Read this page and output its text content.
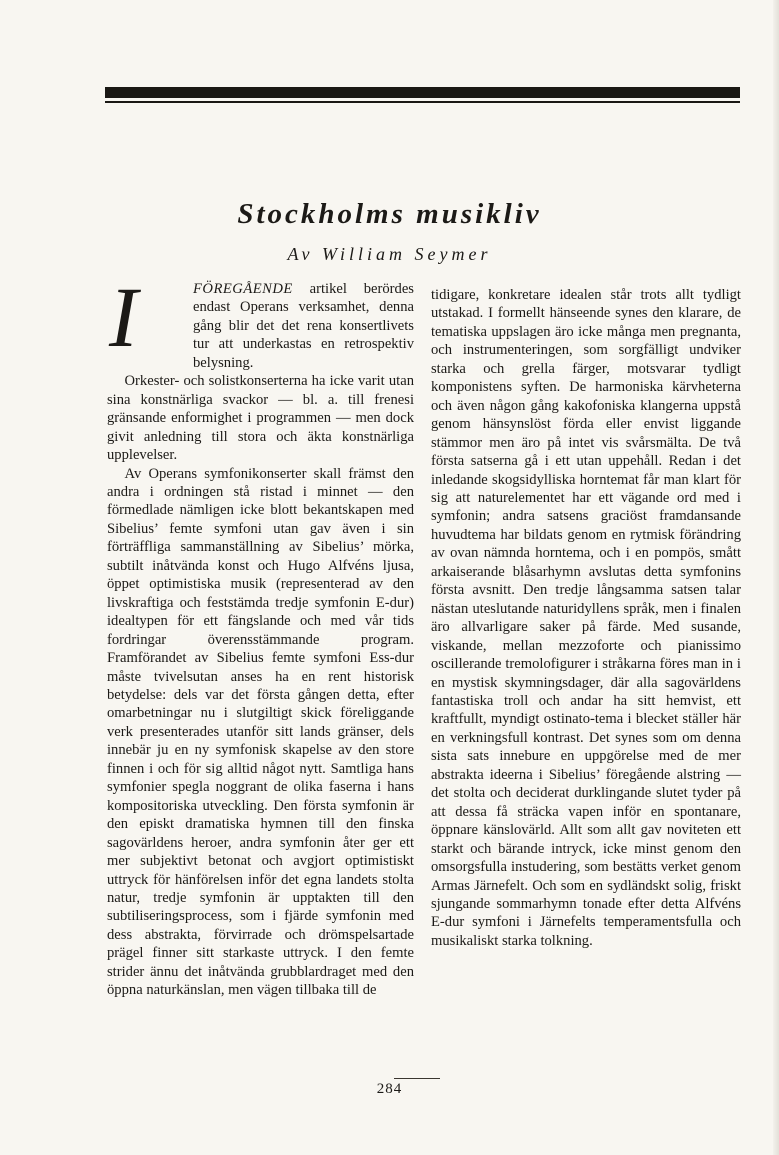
Stockholms musikliv
Av William Seymer

I	FÖREGÅENDE artikel berördes endast Operans verksamhet, denna gång blir det det rena konsertlivets tur att underkastas en retrospektiv belysning.

Orkester- och solistkonserterna ha icke varit utan sina konstnärliga svackor — bl. a. till frenesi gränsande enformighet i programmen — men dock givit anledning till stora och äkta konstnärliga upplevelser.

Av Operans symfonikonserter skall främst den andra i ordningen stå ristad i minnet — den förmedlade nämligen icke blott bekantskapen med Sibelius’ femte symfoni utan gav även i sin förträffliga sammanställning av Sibelius’ mörka, subtilt inåtvända konst och Hugo Alfvéns ljusa, öppet optimistiska musik (representerad av den livskraftiga och feststämda tredje symfonin E-dur) idealtypen för ett fängslande och med vår tids fordringar överensstämmande program. Framförandet av Sibelius femte symfoni Ess-dur måste tvivelsutan anses ha en rent historisk betydelse: dels var det första gången detta, efter omarbetningar nu i slutgiltigt skick föreliggande verk presenterades utanför sitt lands gränser, dels innebär ju en ny symfonisk skapelse av den store finnen i och för sig alltid något nytt. Samtliga hans symfonier spegla noggrant de olika faserna i hans kompositoriska utveckling. Den första symfonin är den episkt dramatiska hymnen till den finska sagovärldens heroer, andra symfonin åter ger ett mer subjektivt betonat och avgjort optimistiskt uttryck för hänförelsen inför det egna landets stolta natur, tredje symfonin är upptakten till den subtiliseringsprocess, som i fjärde symfonin med dess abstrakta, förvirrade och drömspelsartade prägel finner sitt starkaste uttryck. I den femte strider ännu det inåtvända grubblardraget med den öppna naturkänslan, men vägen tillbaka till de

tidigare, konkretare idealen står trots allt tydligt utstakad. I formellt hänseende synes den klarare, de tematiska uppslagen äro icke många men pregnanta, och instrumenteringen, som sorgfälligt undviker starka och grella färger, motsvarar tydligt komponistens syften. De harmoniska kärvheterna och även någon gång kakofoniska klangerna uppstå genom hänsynslöst förda eller envist liggande stämmor men äro på intet vis svårsmälta. De två första satserna gå i ett utan uppehåll. Redan i det inledande skogsidylliska horntemat får man klart för sig att naturelementet har ett vägande ord med i symfonin; andra satsens graciöst framdansande huvudtema har bildats genom en rytmisk förändring av ovan nämnda horntema, och i en pompös, smått arkaiserande blåsarhymn avslutas detta symfonins första avsnitt. Den tredje långsamma satsen talar nästan uteslutande naturidyllens språk, men i finalen äro allvarligare saker på färde. Med susande, viskande, mellan mezzoforte och pianissimo oscillerande tremolofigurer i stråkarna föres man in i en mystisk skymningsdager, där alla sagovärldens fantastiska troll och andar ha sitt hemvist, ett kraftfullt, myndigt ostinato-tema i blecket ställer här en verkningsfull kontrast. Det synes som om denna sista sats innebure en uppgörelse med de mer abstrakta ideerna i Sibelius’ föregående alstring — det stolta och deciderat durklingande slutet tyder på att dessa få sträcka vapen inför en spontanare, öppnare känslovärld. Allt som allt gav noviteten ett starkt och bärande intryck, icke minst genom den omsorgsfulla instudering, som bestätts verket genom Armas Järnefelt. Och som en sydländskt solig, friskt sjungande sommarhymn tonade efter detta Alfvéns E-dur symfoni i Järnefelts temperamentsfulla och musikaliskt starka tolkning.

284
